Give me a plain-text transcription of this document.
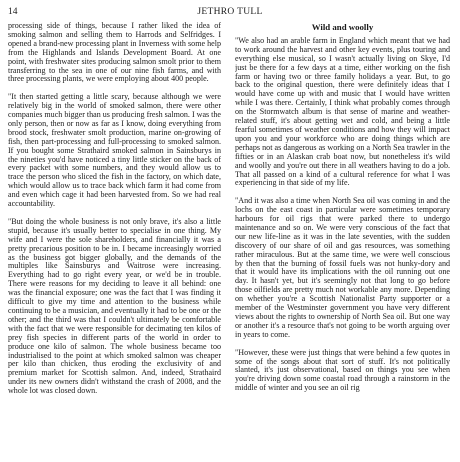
14	JETHRO TULL

processing side of things, because I rather liked the idea of smoking salmon and selling them to Harrods and Selfridges. I opened a brand-new processing plant in Inverness with some help from the Highlands and Islands Development Board. At one point, with freshwater sites producing salmon smolt prior to them transferring to the sea in one of our nine fish farms, and with three processing plants, we were employing about 400 people.

"It then started getting a little scary, because although we were relatively big in the world of smoked salmon, there were other companies much bigger than us producing fresh salmon. I was the only person, then or now as far as I know, doing everything from brood stock, freshwater smolt production, marine on-growing of fish, then part-processing and full-processing to smoked salmon. If you bought some Strathaird smoked salmon in Sainsburys in the nineties you'd have noticed a tiny little sticker on the back of every packet with some numbers, and they would allow us to trace the person who sliced the fish in the factory, on which date, which would allow us to trace back which farm it had come from and even which cage it had been harvested from. So we had real accountability.

"But doing the whole business is not only brave, it's also a little stupid, because it's usually better to specialise in one thing. My wife and I were the sole shareholders, and financially it was a pretty precarious position to be in. I became increasingly worried as the business got bigger globally, and the demands of the multiples like Sainsburys and Waitrose were increasing. Everything had to go right every year, or we'd be in trouble. There were reasons for my deciding to leave it all behind: one was the financial exposure; one was the fact that I was finding it difficult to give my time and attention to the business while continuing to be a musician, and eventually it had to be one or the other; and the third was that I couldn't ultimately be comfortable with the fact that we were responsible for decimating ten kilos of prey fish species in different parts of the world in order to produce one kilo of salmon. The whole business became too industrialised to the point at which smoked salmon was cheaper per kilo than chicken, thus eroding the exclusivity of and premium market for Scottish salmon. And, indeed, Strathaird under its new owners didn't withstand the crash of 2008, and the whole lot was closed down.

Wild and woolly

"We also had an arable farm in England which meant that we had to work around the harvest and other key events, plus touring and everything else musical, so I wasn't actually living on Skye, I'd just be there for a few days at a time, either working on the fish farm or having two or three family holidays a year. But, to go back to the original question, there were definitely ideas that I would have come up with and music that I would have written while I was there. Certainly, I think what probably comes through on the Stormwatch album is that sense of marine and weather-related stuff, it's about getting wet and cold, and being a little fearful sometimes of weather conditions and how they will impact upon you and your workforce who are doing things which are perhaps not as dangerous as working on a North Sea trawler in the fifties or in an Alaskan crab boat now, but nonetheless it's wild and woolly and you're out there in all weathers having to do a job. That all passed on a kind of a cultural reference for what I was experiencing in that side of my life.

"And it was also a time when North Sea oil was coming in and the lochs on the east coast in particular were sometimes temporary harbours for oil rigs that were parked there to undergo maintenance and so on. We were very conscious of the fact that our new life-line as it was in the late seventies, with the sudden discovery of our share of oil and gas resources, was something rather miraculous. But at the same time, we were well conscious by then that the burning of fossil fuels was not hunky-dory and that it would have its implications with the oil running out one day. It hasn't yet, but it's seemingly not that long to go before those oilfields are pretty much not workable any more. Depending on whether you're a Scottish Nationalist Party supporter or a member of the Westminster government you have very different views about the rights to ownership of North Sea oil. But one way or another it's a resource that's not going to be worth arguing over in years to come.

"However, these were just things that were behind a few quotes in some of the songs about that sort of stuff. It's not politically slanted, it's just observational, based on things you see when you're driving down some coastal road through a rainstorm in the middle of winter and you see an oil rig
